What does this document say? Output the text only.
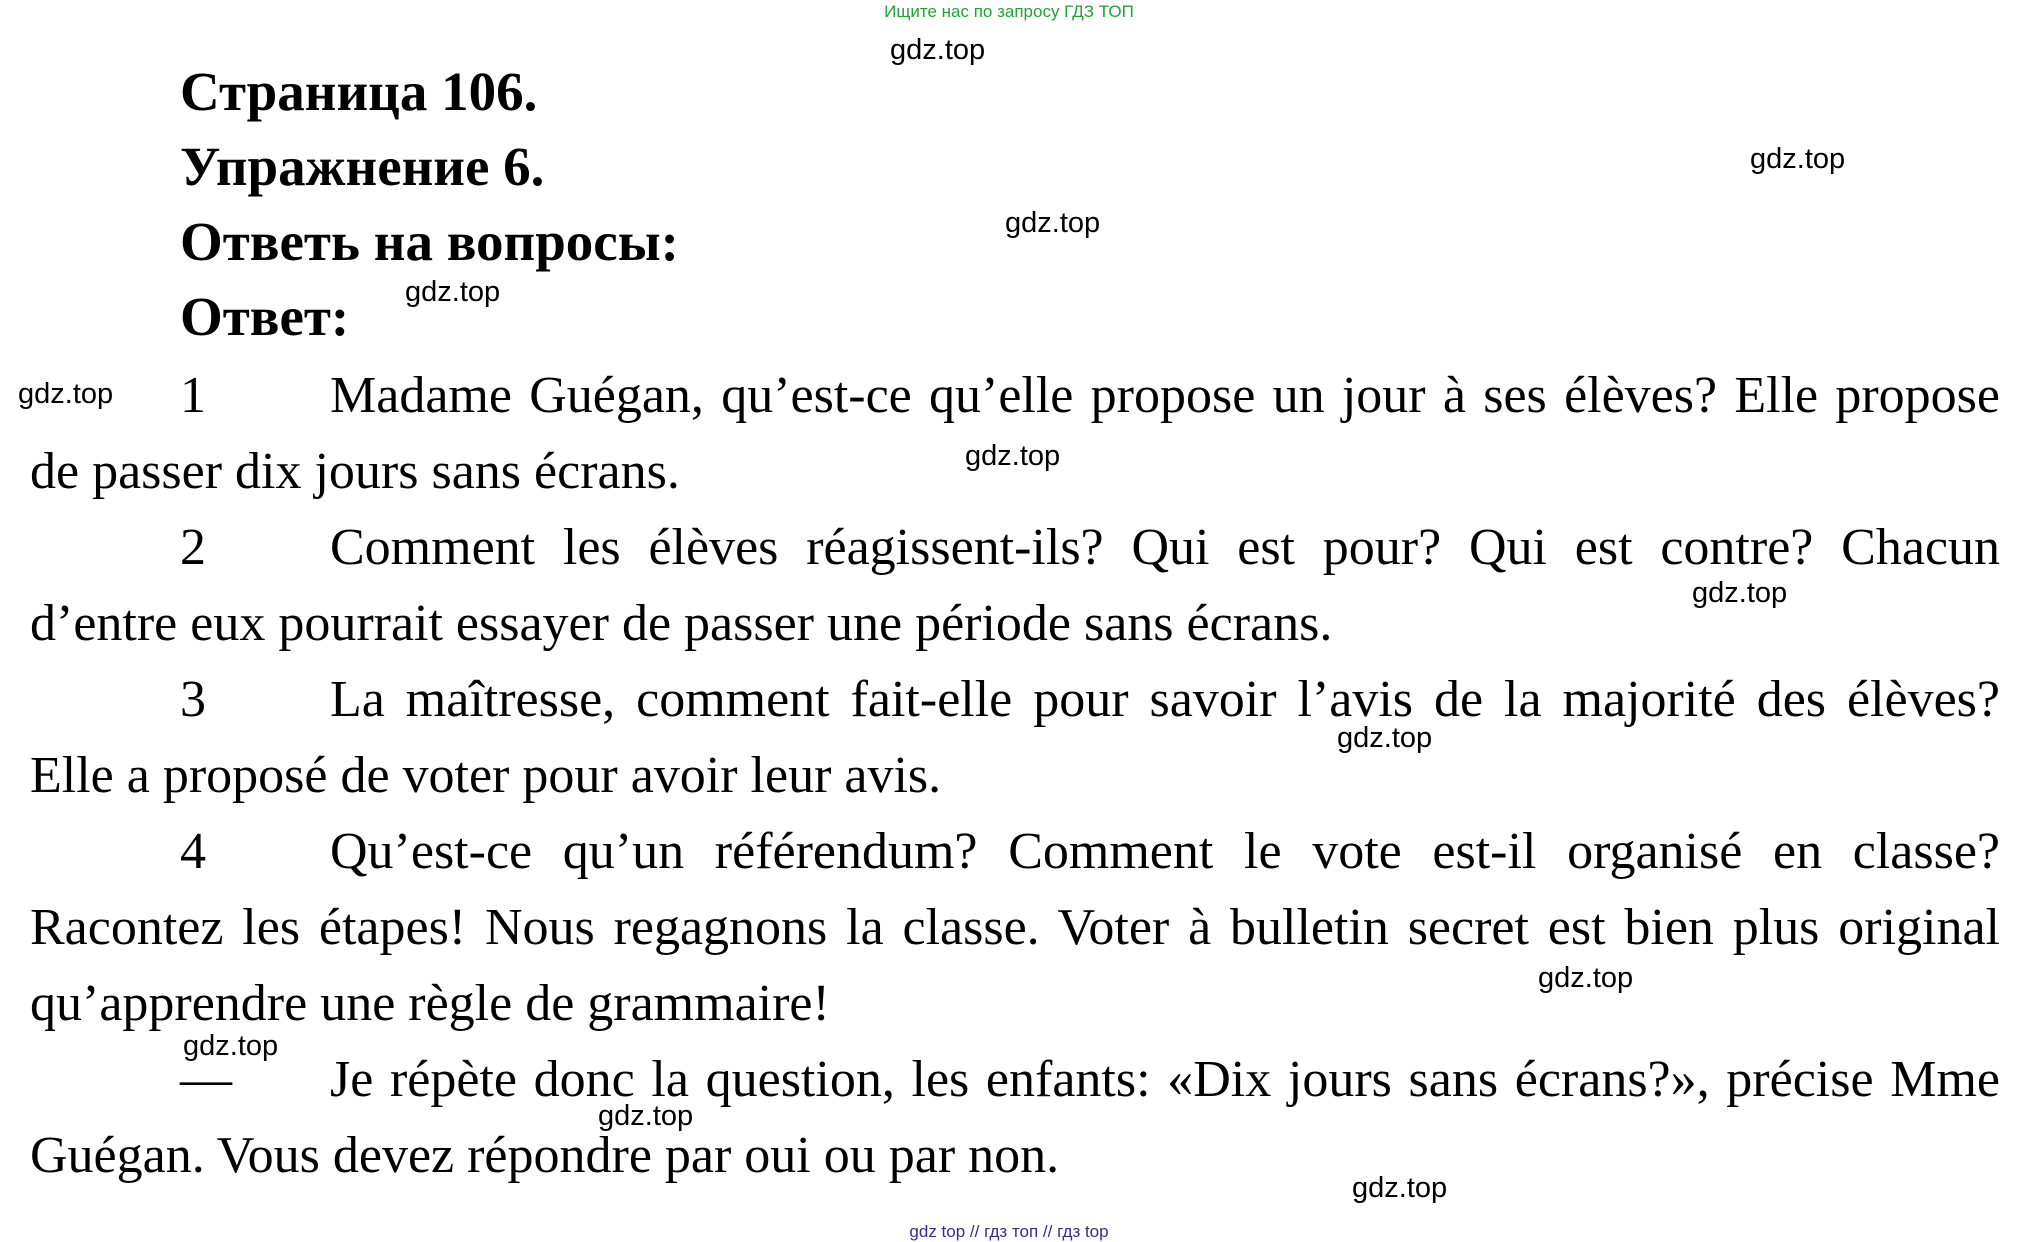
Ищите нас по запросу ГДЗ ТОП
Страница 106.
Упражнение 6.
Ответь на вопросы:
Ответ:
1 Madame Guégan, qu’est-ce qu’elle propose un jour à ses élèves? Elle propose de passer dix jours sans écrans.
2 Comment les élèves réagissent-ils? Qui est pour? Qui est contre? Chacun d’entre eux pourrait essayer de passer une période sans écrans.
3 La maîtresse, comment fait-elle pour savoir l’avis de la majorité des élèves? Elle a proposé de voter pour avoir leur avis.
4 Qu’est-ce qu’un référendum? Comment le vote est-il organisé en classe? Racontez les étapes! Nous regagnons la classe. Voter à bulletin secret est bien plus original qu’apprendre une règle de grammaire!
— Je répète donc la question, les enfants: «Dix jours sans écrans?», précise Mme Guégan. Vous devez répondre par oui ou par non.
gdz.top
gdz.top
gdz.top
gdz.top
gdz.top
gdz.top
gdz.top
gdz.top
gdz.top
gdz.top
gdz.top
gdz.top
gdz top // гдз топ // гдз top
